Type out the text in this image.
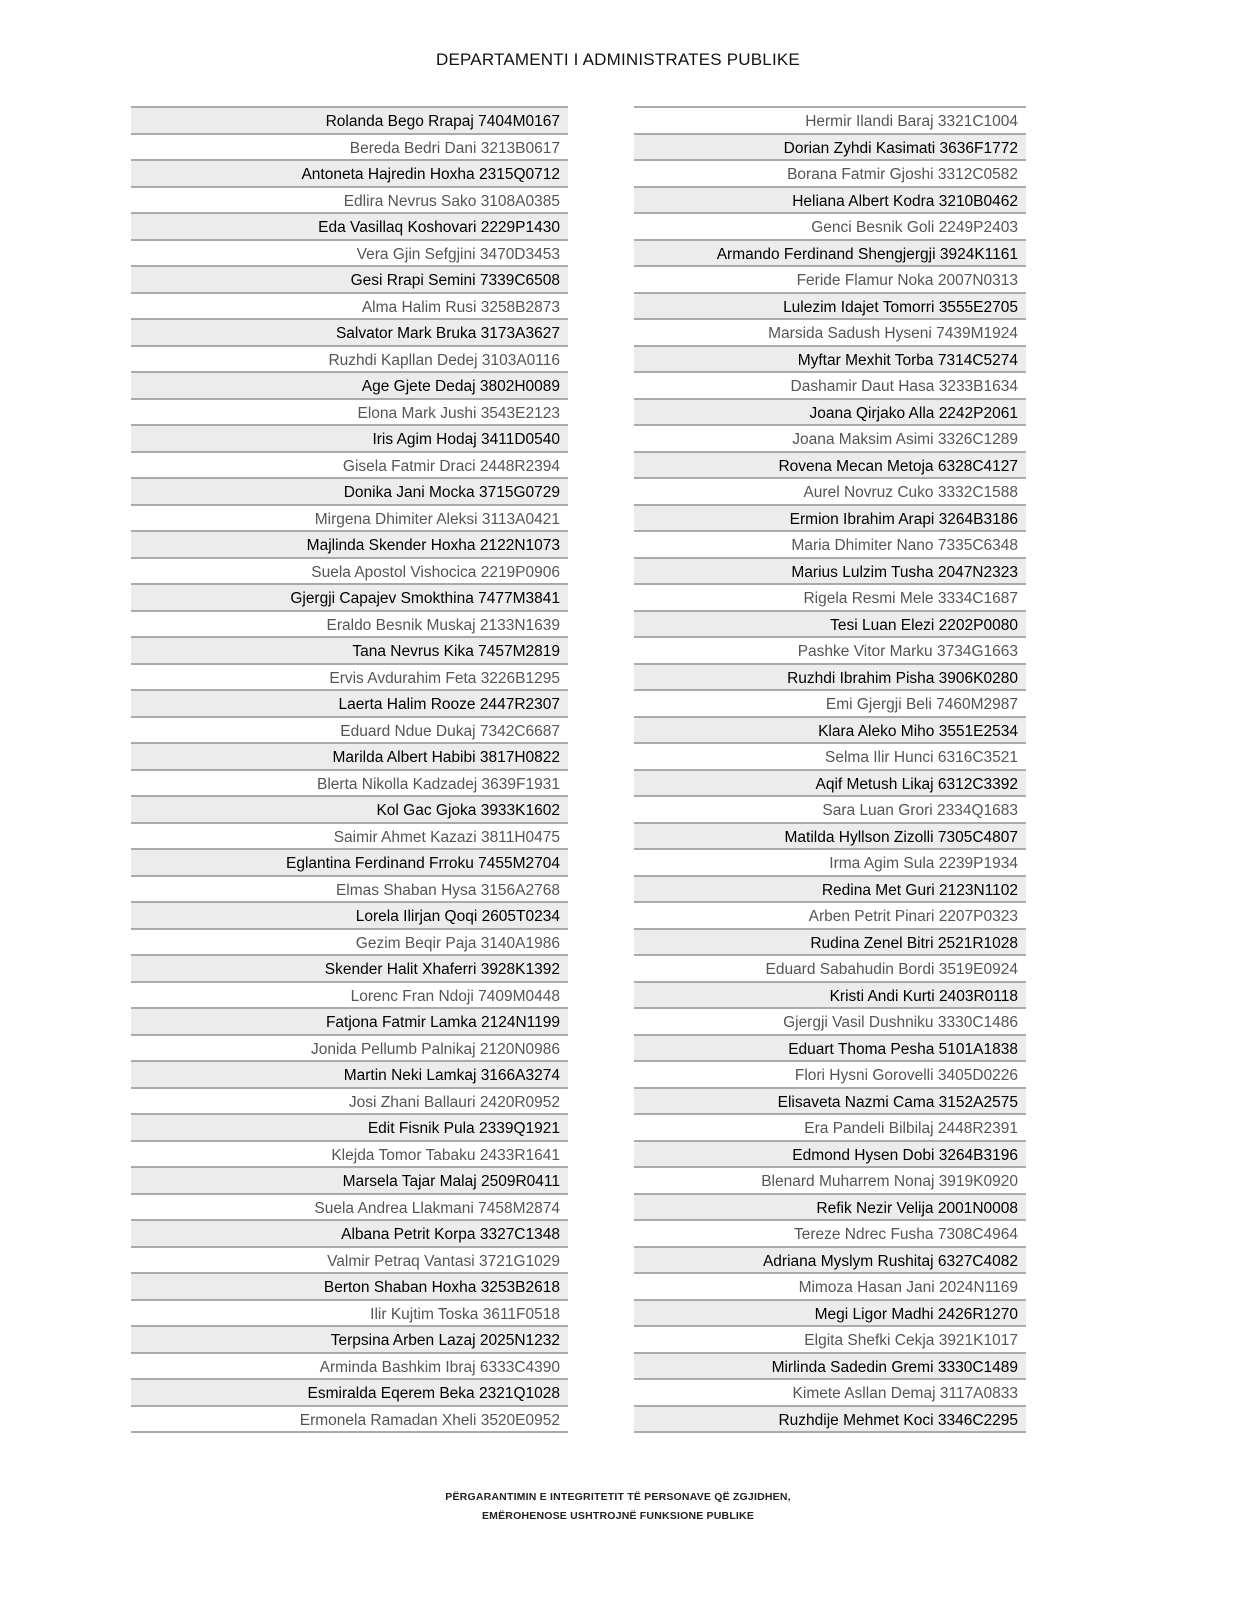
DEPARTAMENTI I ADMINISTRATES PUBLIKE
Rolanda Bego Rrapaj 7404M0167
Bereda Bedri Dani 3213B0617
Antoneta Hajredin Hoxha 2315Q0712
Edlira Nevrus Sako 3108A0385
Eda Vasillaq Koshovari 2229P1430
Vera Gjin Sefgjini 3470D3453
Gesi Rrapi Semini 7339C6508
Alma Halim Rusi 3258B2873
Salvator Mark Bruka 3173A3627
Ruzhdi Kapllan Dedej 3103A0116
Age Gjete Dedaj 3802H0089
Elona Mark Jushi 3543E2123
Iris Agim Hodaj 3411D0540
Gisela Fatmir Draci 2448R2394
Donika Jani Mocka 3715G0729
Mirgena Dhimiter Aleksi 3113A0421
Majlinda Skender Hoxha 2122N1073
Suela Apostol Vishocica 2219P0906
Gjergji Capajev Smokthina 7477M3841
Eraldo Besnik Muskaj 2133N1639
Tana Nevrus Kika 7457M2819
Ervis Avdurahim Feta 3226B1295
Laerta Halim Rooze 2447R2307
Eduard Ndue Dukaj 7342C6687
Marilda Albert Habibi 3817H0822
Blerta Nikolla Kadzadej 3639F1931
Kol Gac Gjoka 3933K1602
Saimir Ahmet Kazazi 3811H0475
Eglantina Ferdinand Frroku 7455M2704
Elmas Shaban Hysa 3156A2768
Lorela Ilirjan Qoqi 2605T0234
Gezim Beqir Paja 3140A1986
Skender Halit Xhaferri 3928K1392
Lorenc Fran Ndoji 7409M0448
Fatjona Fatmir Lamka 2124N1199
Jonida Pellumb Palnikaj 2120N0986
Martin Neki Lamkaj 3166A3274
Josi Zhani Ballauri 2420R0952
Edit Fisnik Pula 2339Q1921
Klejda Tomor Tabaku 2433R1641
Marsela Tajar Malaj 2509R0411
Suela Andrea Llakmani 7458M2874
Albana Petrit Korpa 3327C1348
Valmir Petraq Vantasi 3721G1029
Berton Shaban Hoxha 3253B2618
Ilir Kujtim Toska 3611F0518
Terpsina Arben Lazaj 2025N1232
Arminda Bashkim Ibraj 6333C4390
Esmiralda Eqerem Beka 2321Q1028
Ermonela Ramadan Xheli 3520E0952
Hermir Ilandi Baraj 3321C1004
Dorian Zyhdi Kasimati 3636F1772
Borana Fatmir Gjoshi 3312C0582
Heliana Albert Kodra 3210B0462
Genci Besnik Goli 2249P2403
Armando Ferdinand Shengjergji 3924K1161
Feride Flamur Noka 2007N0313
Lulezim Idajet Tomorri 3555E2705
Marsida Sadush Hyseni 7439M1924
Myftar Mexhit Torba 7314C5274
Dashamir Daut Hasa 3233B1634
Joana Qirjako Alla 2242P2061
Joana Maksim Asimi 3326C1289
Rovena Mecan Metoja 6328C4127
Aurel Novruz Cuko 3332C1588
Ermion Ibrahim Arapi 3264B3186
Maria Dhimiter Nano 7335C6348
Marius Lulzim Tusha 2047N2323
Rigela Resmi Mele 3334C1687
Tesi Luan Elezi 2202P0080
Pashke Vitor Marku 3734G1663
Ruzhdi Ibrahim Pisha 3906K0280
Emi Gjergji Beli 7460M2987
Klara Aleko Miho 3551E2534
Selma Ilir Hunci 6316C3521
Aqif Metush Likaj 6312C3392
Sara Luan Grori 2334Q1683
Matilda Hyllson Zizolli 7305C4807
Irma Agim Sula 2239P1934
Redina Met Guri 2123N1102
Arben Petrit Pinari 2207P0323
Rudina Zenel Bitri 2521R1028
Eduard Sabahudin Bordi 3519E0924
Kristi Andi Kurti 2403R0118
Gjergji Vasil Dushniku 3330C1486
Eduart Thoma Pesha 5101A1838
Flori Hysni Gorovelli 3405D0226
Elisaveta Nazmi Cama 3152A2575
Era Pandeli Bilbilaj 2448R2391
Edmond Hysen Dobi 3264B3196
Blenard Muharrem Nonaj 3919K0920
Refik Nezir Velija 2001N0008
Tereze Ndrec Fusha 7308C4964
Adriana Myslym Rushitaj 6327C4082
Mimoza Hasan Jani 2024N1169
Megi Ligor Madhi 2426R1270
Elgita Shefki Cekja 3921K1017
Mirlinda Sadedin Gremi 3330C1489
Kimete Asllan Demaj 3117A0833
Ruzhdije Mehmet Koci 3346C2295
PËRGARANTIMIN E INTEGRITETIT TË PERSONAVE QË ZGJIDHEN,
EMËROHENOSE USHTROJNË FUNKSIONE PUBLIKE
